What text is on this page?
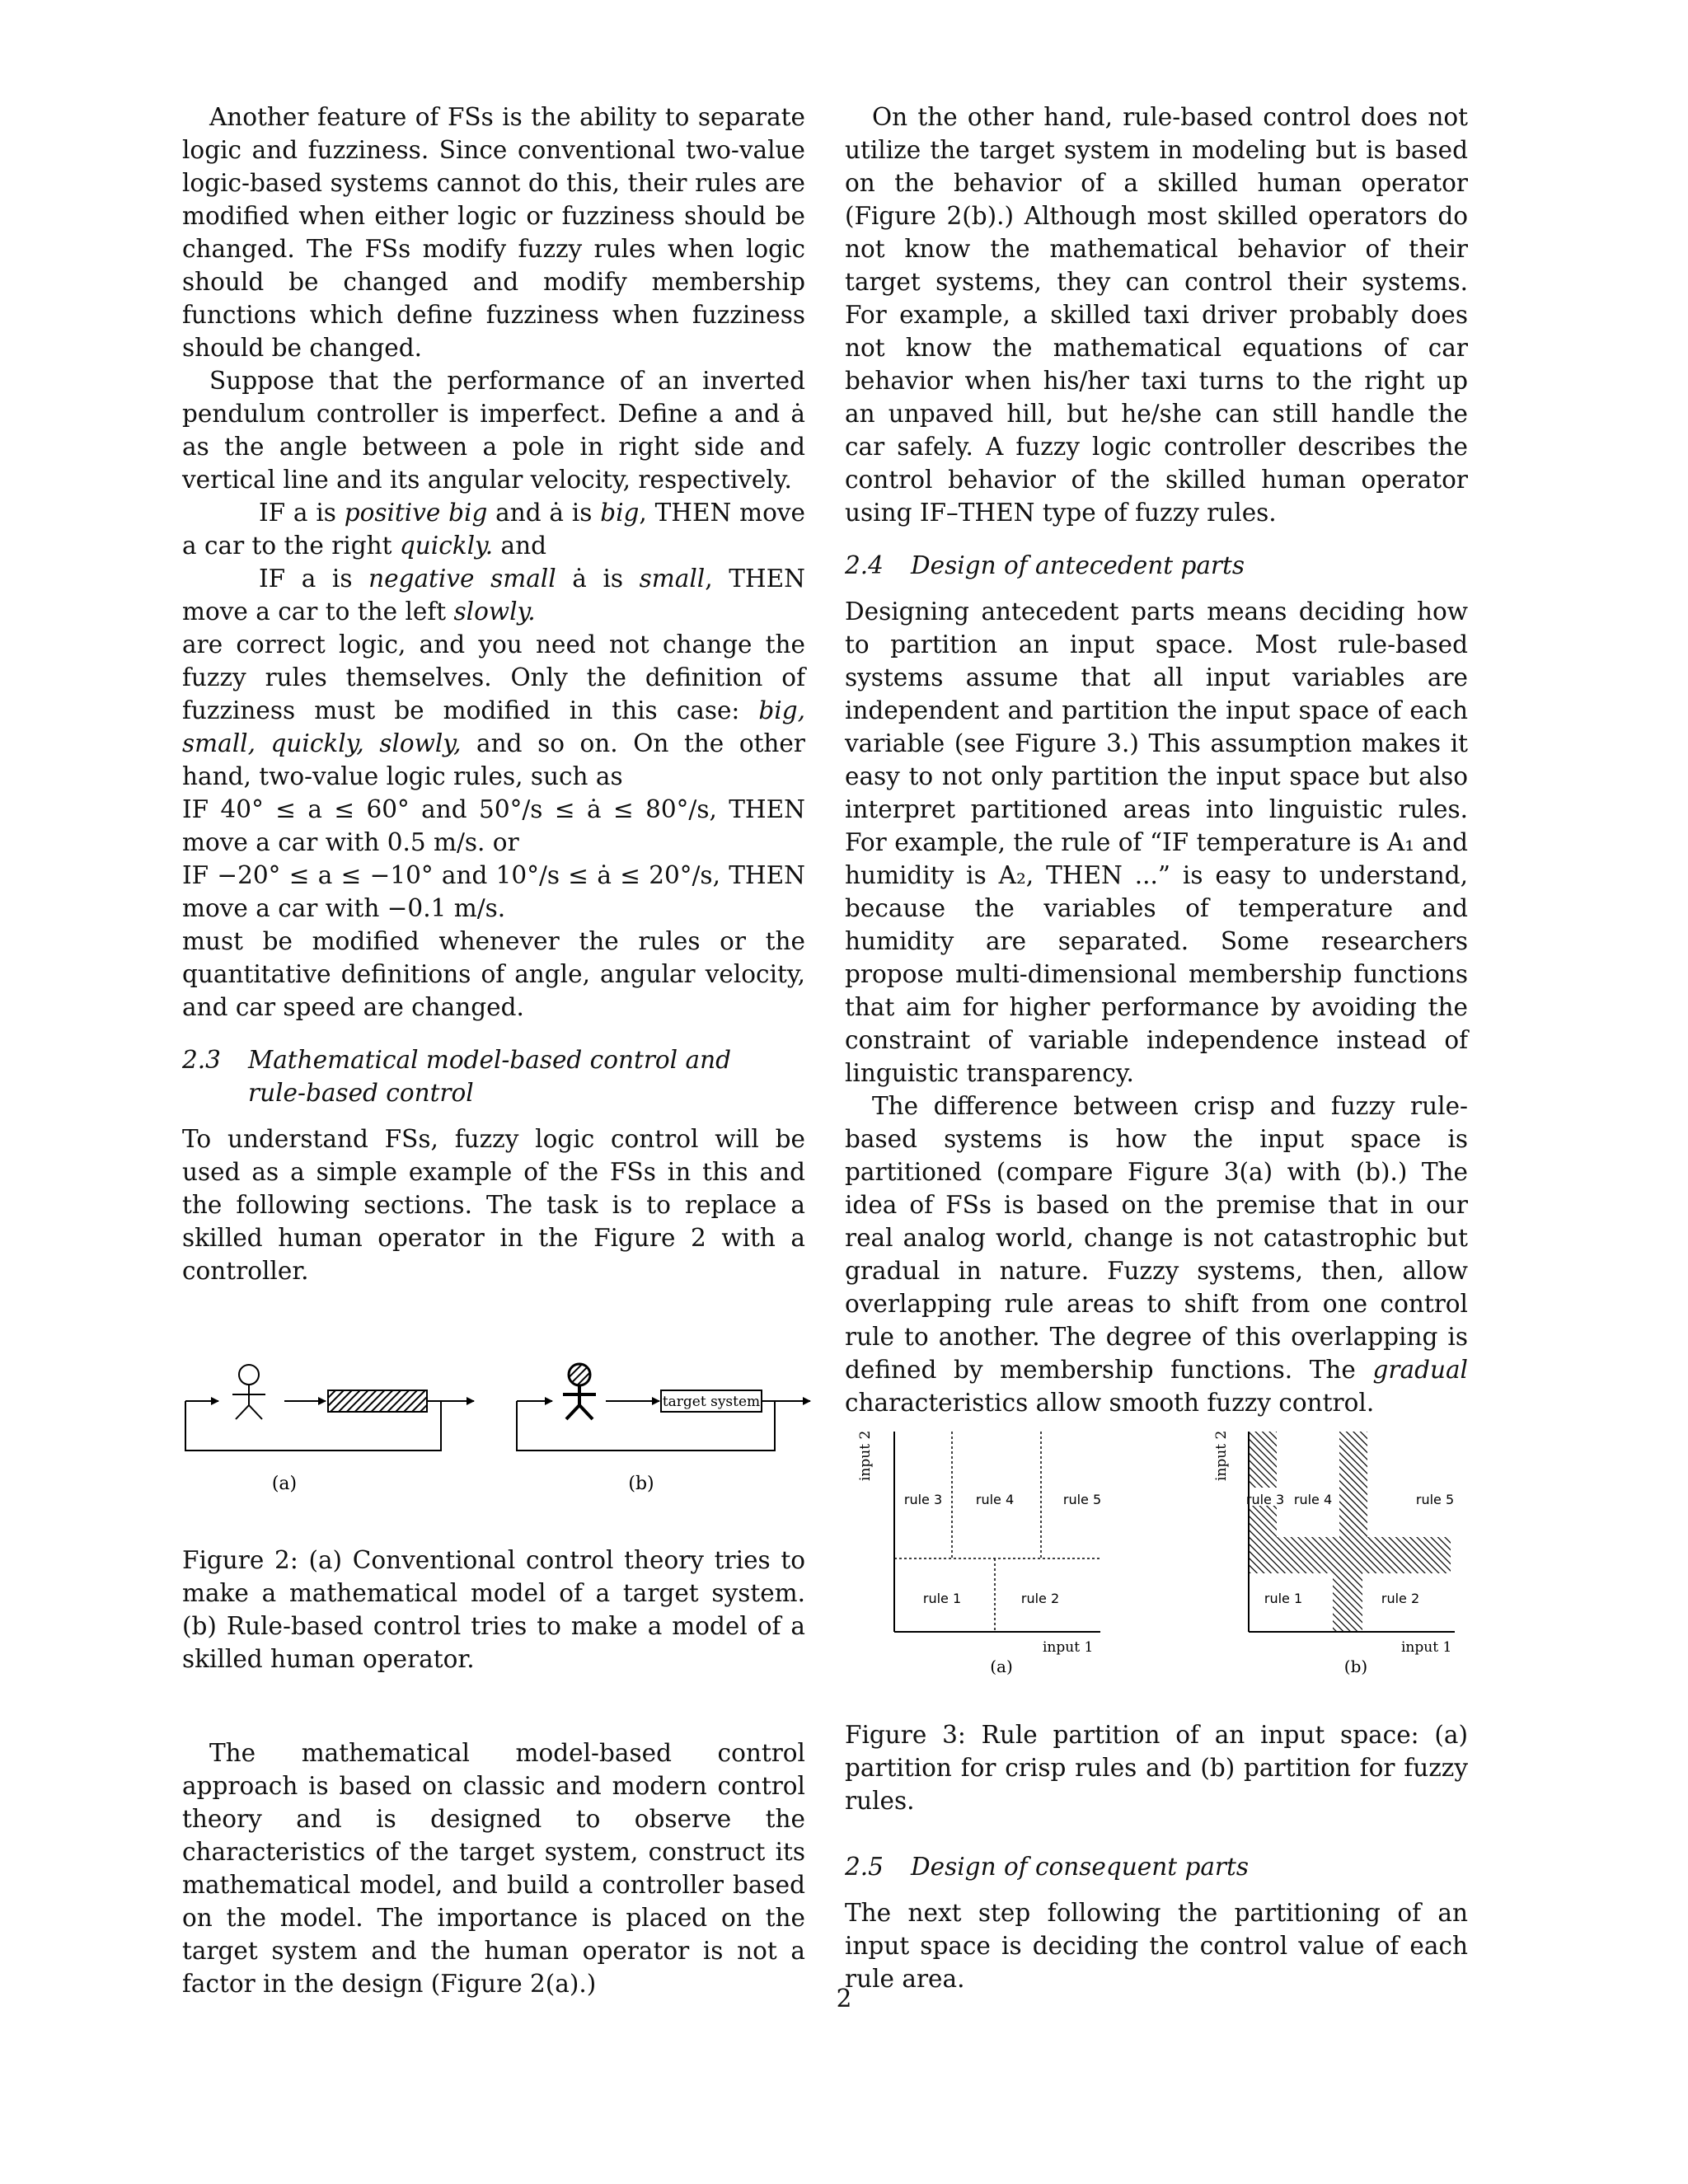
Another feature of FSs is the ability to separate logic and fuzziness. Since conventional two-value logic-based systems cannot do this, their rules are modified when either logic or fuzziness should be changed. The FSs modify fuzzy rules when logic should be changed and modify membership functions which define fuzziness when fuzziness should be changed.

Suppose that the performance of an inverted pendulum controller is imperfect. Define a and ȧ as the angle between a pole in right side and vertical line and its angular velocity, respectively.

IF a is positive big and ȧ is big, THEN move a car to the right quickly. and

IF a is negative small ȧ is small, THEN move a car to the left slowly.

are correct logic, and you need not change the fuzzy rules themselves. Only the definition of fuzziness must be modified in this case: big, small, quickly, slowly, and so on. On the other hand, two-value logic rules, such as

IF 40° ≤ a ≤ 60° and 50°/s ≤ ȧ ≤ 80°/s, THEN move a car with 0.5 m/s. or

IF −20° ≤ a ≤ −10° and 10°/s ≤ ȧ ≤ 20°/s, THEN move a car with −0.1 m/s.

must be modified whenever the rules or the quantitative definitions of angle, angular velocity, and car speed are changed.

2.3 Mathematical model-based control and
rule-based control

To understand FSs, fuzzy logic control will be used as a simple example of the FSs in this and the following sections. The task is to replace a skilled human operator in the Figure 2 with a controller.

On the other hand, rule-based control does not utilize the target system in modeling but is based on the behavior of a skilled human operator (Figure 2(b).) Although most skilled operators do not know the mathematical behavior of their target systems, they can control their systems. For example, a skilled taxi driver probably does not know the mathematical equations of car behavior when his/her taxi turns to the right up an unpaved hill, but he/she can still handle the car safely. A fuzzy logic controller describes the control behavior of the skilled human operator using IF–THEN type of fuzzy rules.

2.4 Design of antecedent parts

Designing antecedent parts means deciding how to partition an input space. Most rule-based systems assume that all input variables are independent and partition the input space of each variable (see Figure 3.) This assumption makes it easy to not only partition the input space but also interpret partitioned areas into linguistic rules. For example, the rule of “IF temperature is A₁ and humidity is A₂, THEN ...” is easy to understand, because the variables of temperature and humidity are separated. Some researchers propose multi-dimensional membership functions that aim for higher performance by avoiding the constraint of variable independence instead of linguistic transparency.

The difference between crisp and fuzzy rule-based systems is how the input space is partitioned (compare Figure 3(a) with (b).) The idea of FSs is based on the premise that in our real analog world, change is not catastrophic but gradual in nature. Fuzzy systems, then, allow overlapping rule areas to shift from one control rule to another. The degree of this overlapping is defined by membership functions. The gradual characteristics allow smooth fuzzy control.

(a)
target system
(b)
Figure 2: (a) Conventional control theory tries to make a mathematical model of a target system. (b) Rule-based control tries to make a model of a skilled human operator.

The mathematical model-based control approach is based on classic and modern control theory and is designed to observe the characteristics of the target system, construct its mathematical model, and build a controller based on the model. The importance is placed on the target system and the human operator is not a factor in the design (Figure 2(a).)

input 2
input 1
rule 3	rule 4	rule 5
rule 1	rule 2
(a)
input 2
input 1
rule 3 rule 4	rule 5
rule 1	rule 2
(b)
Figure 3: Rule partition of an input space: (a) partition for crisp rules and (b) partition for fuzzy rules.
2.5 Design of consequent parts

The next step following the partitioning of an input space is deciding the control value of each rule area.

2
